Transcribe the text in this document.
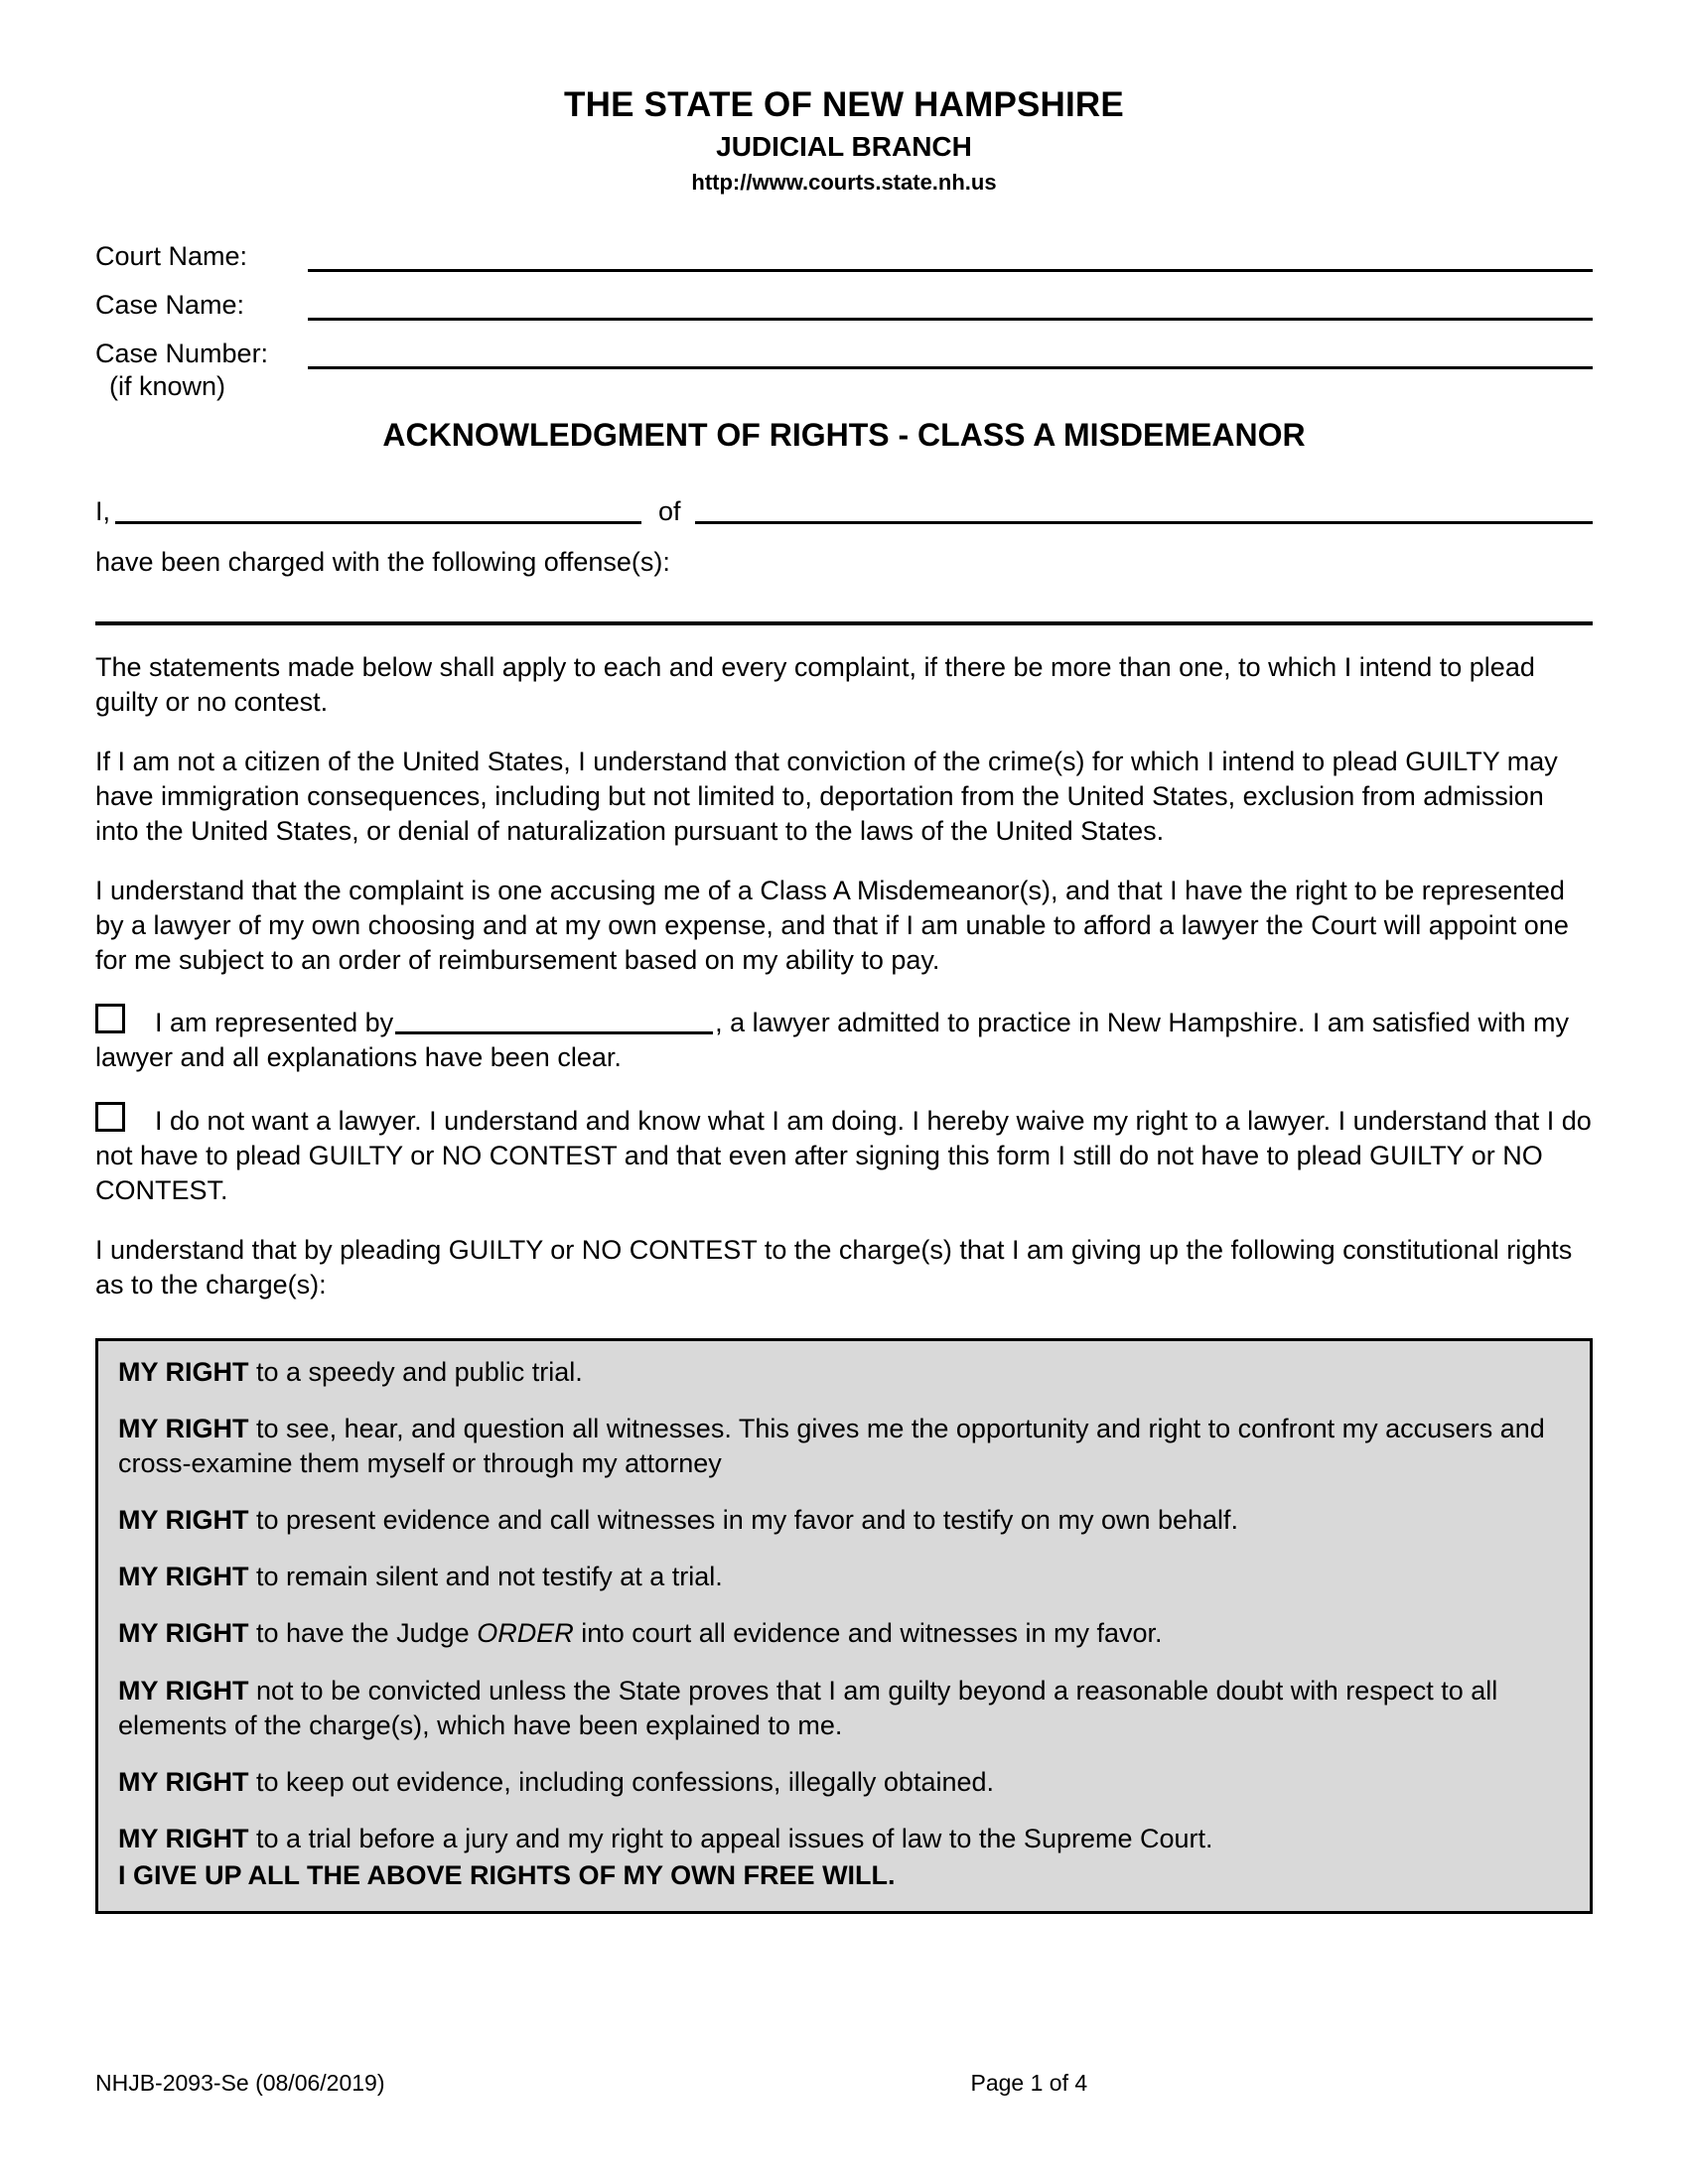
THE STATE OF NEW HAMPSHIRE
JUDICIAL BRANCH
http://www.courts.state.nh.us
Court Name:
Case Name:
Case Number:
(if known)
ACKNOWLEDGMENT OF RIGHTS - CLASS A MISDEMEANOR
I,	of
have been charged with the following offense(s):
The statements made below shall apply to each and every complaint, if there be more than one, to which I intend to plead guilty or no contest.
If I am not a citizen of the United States, I understand that conviction of the crime(s) for which I intend to plead GUILTY may have immigration consequences, including but not limited to, deportation from the United States, exclusion from admission into the United States, or denial of naturalization pursuant to the laws of the United States.
I understand that the complaint is one accusing me of a Class A Misdemeanor(s), and that I have the right to be represented by a lawyer of my own choosing and at my own expense, and that if I am unable to afford a lawyer the Court will appoint one for me subject to an order of reimbursement based on my ability to pay.
I am represented by	, a lawyer admitted to practice in New Hampshire. I am satisfied with my lawyer and all explanations have been clear.
I do not want a lawyer. I understand and know what I am doing. I hereby waive my right to a lawyer. I understand that I do not have to plead GUILTY or NO CONTEST and that even after signing this form I still do not have to plead GUILTY or NO CONTEST.
I understand that by pleading GUILTY or NO CONTEST to the charge(s) that I am giving up the following constitutional rights as to the charge(s):
MY RIGHT to a speedy and public trial.
MY RIGHT to see, hear, and question all witnesses. This gives me the opportunity and right to confront my accusers and cross-examine them myself or through my attorney
MY RIGHT to present evidence and call witnesses in my favor and to testify on my own behalf.
MY RIGHT to remain silent and not testify at a trial.
MY RIGHT to have the Judge ORDER into court all evidence and witnesses in my favor.
MY RIGHT not to be convicted unless the State proves that I am guilty beyond a reasonable doubt with respect to all elements of the charge(s), which have been explained to me.
MY RIGHT to keep out evidence, including confessions, illegally obtained.
MY RIGHT to a trial before a jury and my right to appeal issues of law to the Supreme Court.
I GIVE UP ALL THE ABOVE RIGHTS OF MY OWN FREE WILL.
NHJB-2093-Se (08/06/2019)	Page 1 of 4
